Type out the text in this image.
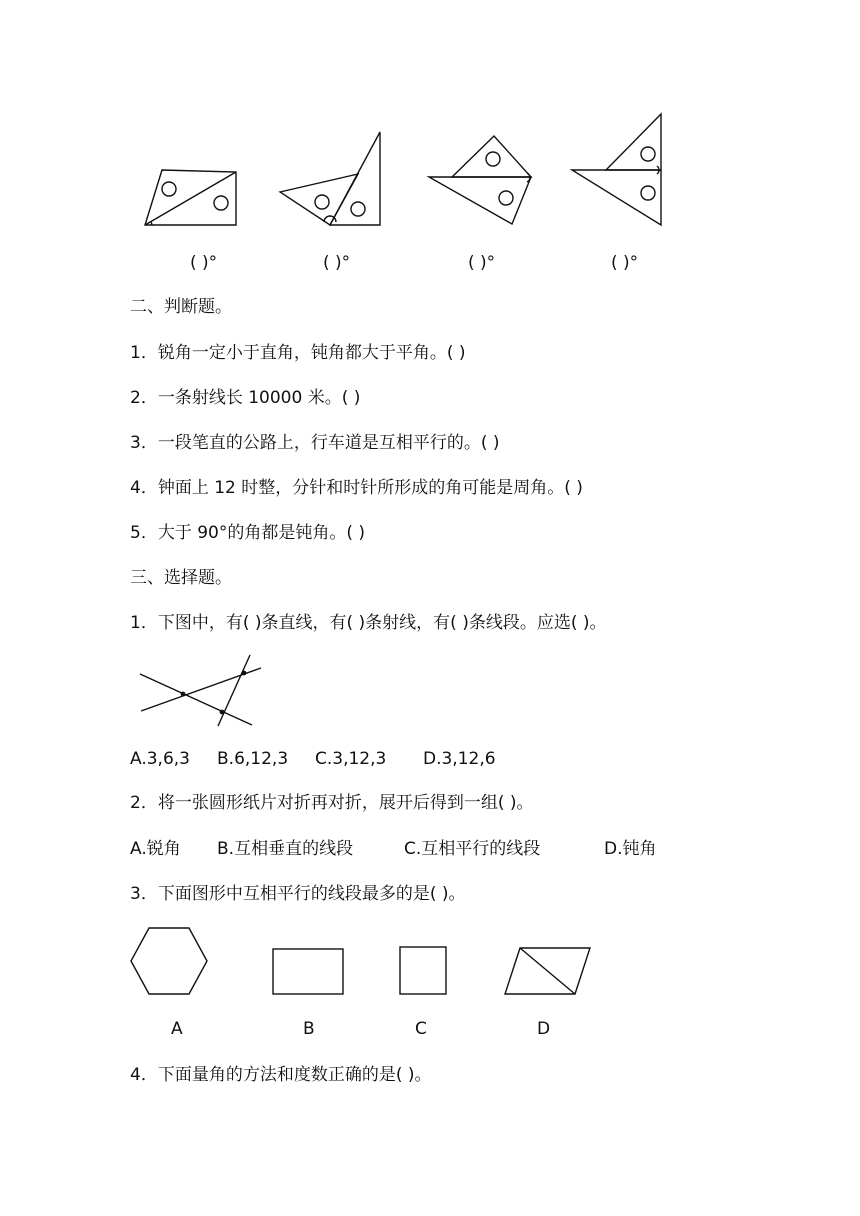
( )°	( )°	( )°	( )°
二、判断题。
1．锐角一定小于直角，钝角都大于平角。( )
2．一条射线长 10000 米。( )
3．一段笔直的公路上，行车道是互相平行的。( )
4．钟面上 12 时整，分针和时针所形成的角可能是周角。( )
5．大于 90°的角都是钝角。( )
三、选择题。
1．下图中，有( )条直线，有( )条射线，有( )条线段。应选( )。
A.3,6,3 B.6,12,3 C.3,12,3 D.3,12,6
2．将一张圆形纸片对折再对折，展开后得到一组( )。
A.锐角 B.互相垂直的线段	C.互相平行的线段	D.钝角
3．下面图形中互相平行的线段最多的是( )。
A	B	C	D
4．下面量角的方法和度数正确的是( )。
